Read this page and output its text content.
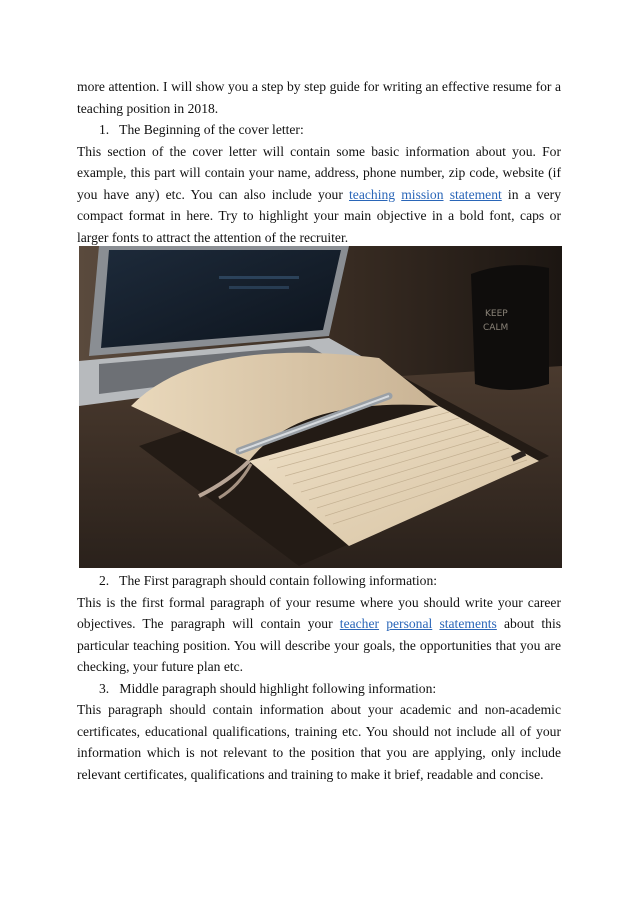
more attention. I will show you a step by step guide for writing an effective resume for a teaching position in 2018.

1. The Beginning of the cover letter:

This section of the cover letter will contain some basic information about you. For example, this part will contain your name, address, phone number, zip code, website (if you have any) etc. You can also include your teaching mission statement in a very compact format in here. Try to highlight your main objective in a bold font, caps or larger fonts to attract the attention of the recruiter.

KEEP
CALM

2. The First paragraph should contain following information:

This is the first formal paragraph of your resume where you should write your career objectives. The paragraph will contain your teacher personal statements about this particular teaching position. You will describe your goals, the opportunities that you are checking, your future plan etc.

3. Middle paragraph should highlight following information:

This paragraph should contain information about your academic and non-academic certificates, educational qualifications, training etc. You should not include all of your information which is not relevant to the position that you are applying, only include relevant certificates, qualifications and training to make it brief, readable and concise.
